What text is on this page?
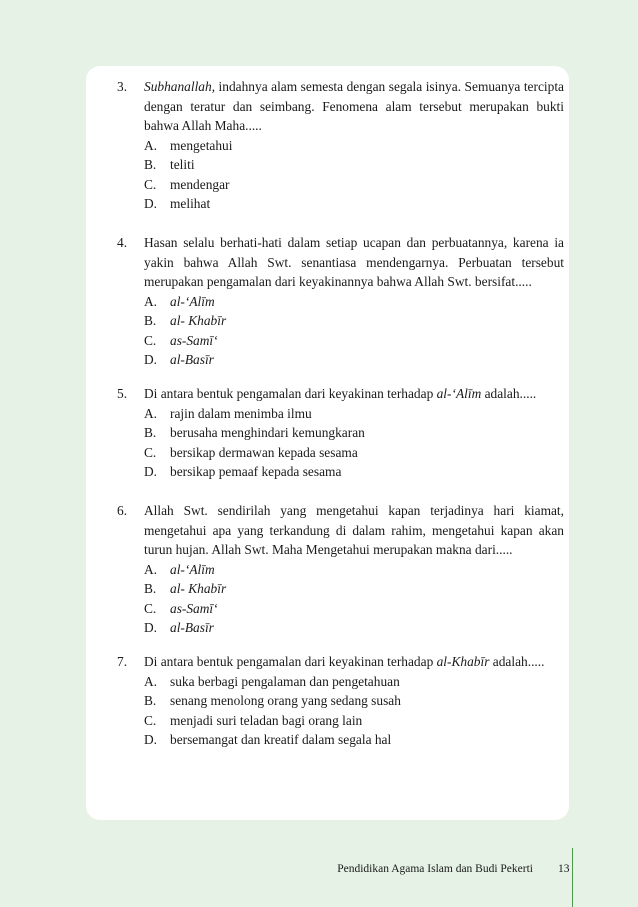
3.	Subhanallah, indahnya alam semesta dengan segala isinya. Semuanya tercipta dengan teratur dan seimbang. Fenomena alam tersebut merupakan bukti bahwa Allah Maha.....
A. mengetahui
B.	teliti
C.	mendengar
D. melihat
4.	Hasan selalu berhati-hati dalam setiap ucapan dan perbuatannya, karena ia yakin bahwa Allah Swt. senantiasa mendengarnya. Perbuatan tersebut merupakan pengamalan dari keyakinannya bahwa Allah Swt. bersifat.....
A. al-‘Alīm
B.	al- Khabīr
C.	as-Samī‘
D. al-Basīr
5.	Di antara bentuk pengamalan dari keyakinan terhadap al-‘Alīm adalah.....
A. rajin dalam menimba ilmu
B.	berusaha menghindari kemungkaran
C.	bersikap dermawan kepada sesama
D. bersikap pemaaf kepada sesama
6.	Allah Swt. sendirilah yang mengetahui kapan terjadinya hari kiamat, mengetahui apa yang terkandung di dalam rahim, mengetahui kapan akan turun hujan. Allah Swt. Maha Mengetahui merupakan makna dari.....
A. al-‘Alīm
B.	al- Khabīr
C.	as-Samī‘
D. al-Basīr
7.	Di antara bentuk pengamalan dari keyakinan terhadap al-Khabīr adalah.....
A. suka berbagi pengalaman dan pengetahuan
B.	senang menolong orang yang sedang susah
C.	menjadi suri teladan bagi orang lain
D. bersemangat dan kreatif dalam segala hal
Pendidikan Agama Islam dan Budi Pekerti 13
